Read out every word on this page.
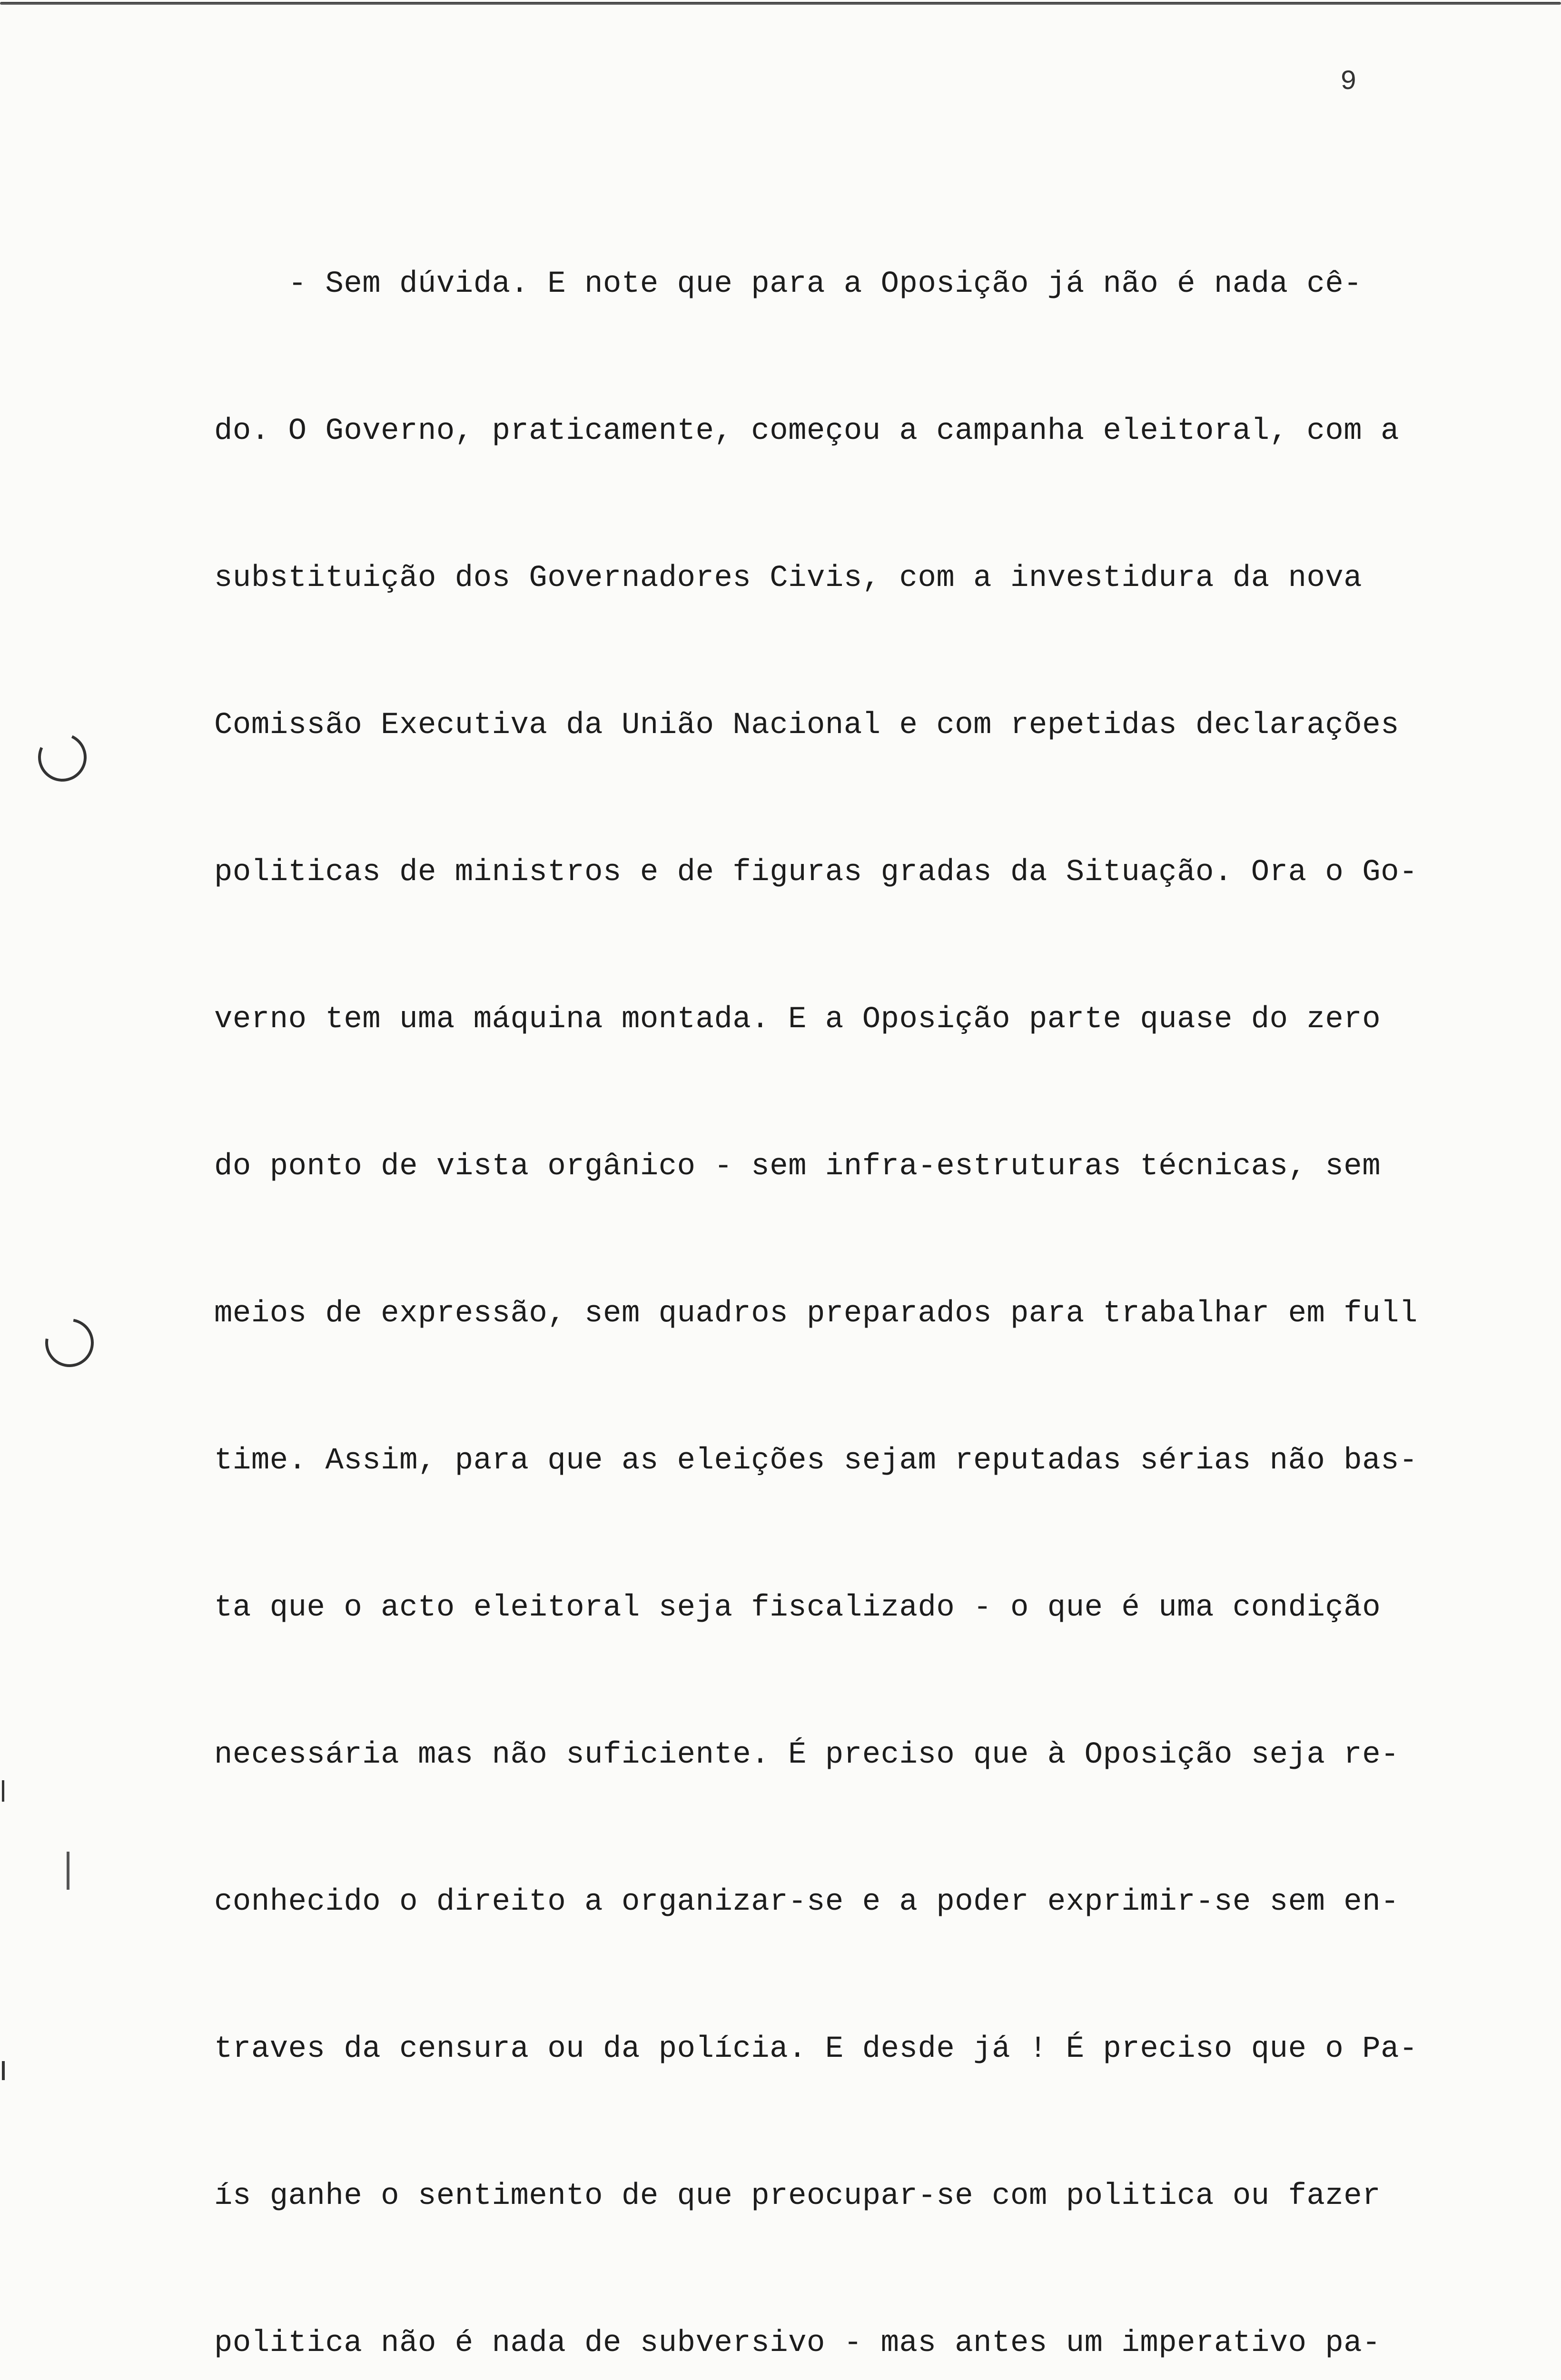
9

- Sem dúvida. E note que para a Oposição já não é nada cê-

do. O Governo, praticamente, começou a campanha eleitoral, com a

substituição dos Governadores Civis, com a investidura da nova

Comissão Executiva da União Nacional e com repetidas declarações

politicas de ministros e de figuras gradas da Situação. Ora o Go-

verno tem uma máquina montada. E a Oposição parte quase do zero

do ponto de vista orgânico - sem infra-estruturas técnicas, sem

meios de expressão, sem quadros preparados para trabalhar em full

time. Assim, para que as eleições sejam reputadas sérias não bas-

ta que o acto eleitoral seja fiscalizado - o que é uma condição

necessária mas não suficiente. É preciso que à Oposição seja re-

conhecido o direito a organizar-se e a poder exprimir-se sem en-

traves da censura ou da polícia. E desde já ! É preciso que o Pa-

ís ganhe o sentimento de que preocupar-se com politica ou fazer

politica não é nada de subversivo - mas antes um imperativo pa-
